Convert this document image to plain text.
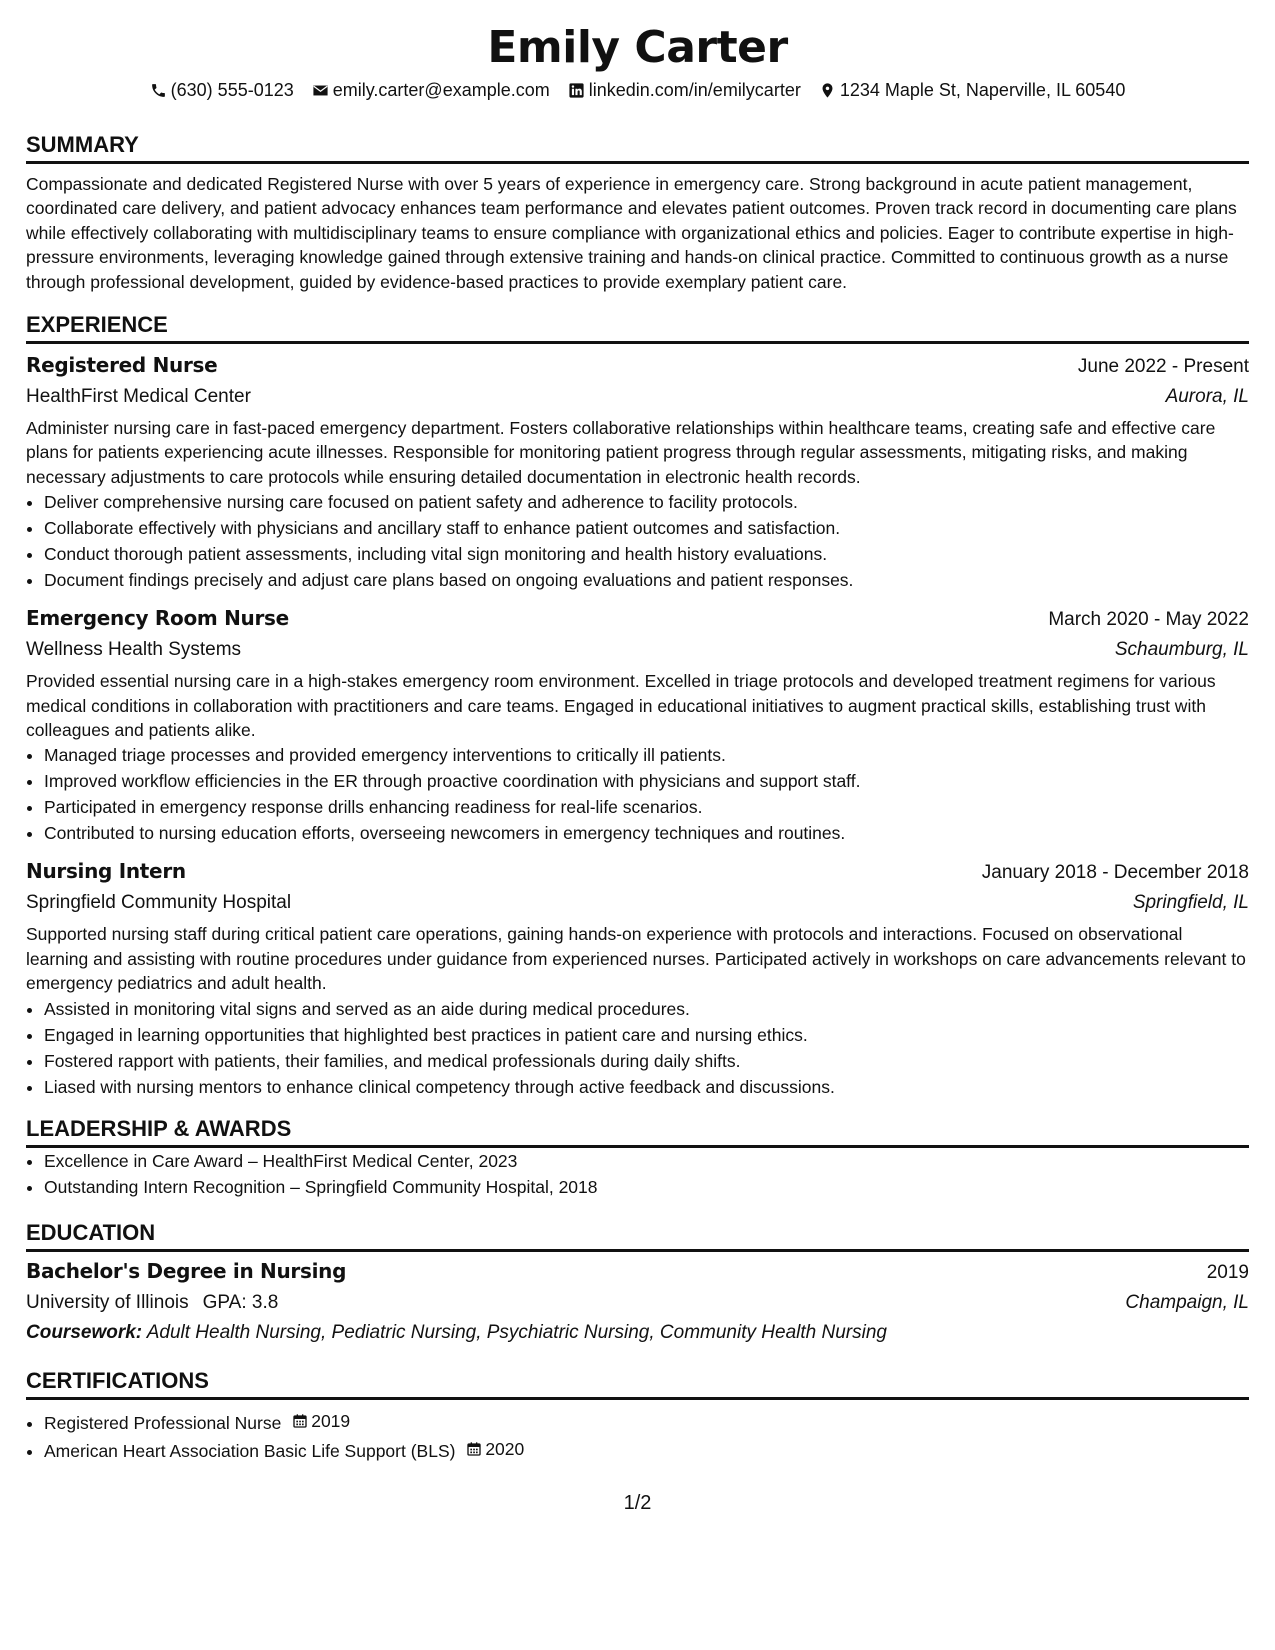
Emily Carter
(630) 555-0123 emily.carter@example.com linkedin.com/in/emilycarter 1234 Maple St, Naperville, IL 60540
SUMMARY

Compassionate and dedicated Registered Nurse with over 5 years of experience in emergency care. Strong background in acute patient management, coordinated care delivery, and patient advocacy enhances team performance and elevates patient outcomes. Proven track record in documenting care plans while effectively collaborating with multidisciplinary teams to ensure compliance with organizational ethics and policies. Eager to contribute expertise in high-pressure environments, leveraging knowledge gained through extensive training and hands-on clinical practice. Committed to continuous growth as a nurse through professional development, guided by evidence-based practices to provide exemplary patient care.

EXPERIENCE
Registered Nurse	June 2022 - Present
HealthFirst Medical Center	Aurora, IL

Administer nursing care in fast-paced emergency department. Fosters collaborative relationships within healthcare teams, creating safe and effective care plans for patients experiencing acute illnesses. Responsible for monitoring patient progress through regular assessments, mitigating risks, and making necessary adjustments to care protocols while ensuring detailed documentation in electronic health records.

• Deliver comprehensive nursing care focused on patient safety and adherence to facility protocols.
• Collaborate effectively with physicians and ancillary staff to enhance patient outcomes and satisfaction.
• Conduct thorough patient assessments, including vital sign monitoring and health history evaluations.
• Document findings precisely and adjust care plans based on ongoing evaluations and patient responses.
Emergency Room Nurse	March 2020 - May 2022
Wellness Health Systems	Schaumburg, IL

Provided essential nursing care in a high-stakes emergency room environment. Excelled in triage protocols and developed treatment regimens for various medical conditions in collaboration with practitioners and care teams. Engaged in educational initiatives to augment practical skills, establishing trust with colleagues and patients alike.

• Managed triage processes and provided emergency interventions to critically ill patients.
• Improved workflow efficiencies in the ER through proactive coordination with physicians and support staff.
• Participated in emergency response drills enhancing readiness for real-life scenarios.
• Contributed to nursing education efforts, overseeing newcomers in emergency techniques and routines.
Nursing Intern	January 2018 - December 2018
Springfield Community Hospital	Springfield, IL

Supported nursing staff during critical patient care operations, gaining hands-on experience with protocols and interactions. Focused on observational learning and assisting with routine procedures under guidance from experienced nurses. Participated actively in workshops on care advancements relevant to emergency pediatrics and adult health.

• Assisted in monitoring vital signs and served as an aide during medical procedures.
• Engaged in learning opportunities that highlighted best practices in patient care and nursing ethics.
• Fostered rapport with patients, their families, and medical professionals during daily shifts.
• Liased with nursing mentors to enhance clinical competency through active feedback and discussions.
LEADERSHIP & AWARDS
• Excellence in Care Award – HealthFirst Medical Center, 2023
• Outstanding Intern Recognition – Springfield Community Hospital, 2018
EDUCATION
Bachelor's Degree in Nursing	2019
University of Illinois GPA: 3.8	Champaign, IL
Coursework: Adult Health Nursing, Pediatric Nursing, Psychiatric Nursing, Community Health Nursing
CERTIFICATIONS
• Registered Professional Nurse 2019
• American Heart Association Basic Life Support (BLS) 2020
1/2
